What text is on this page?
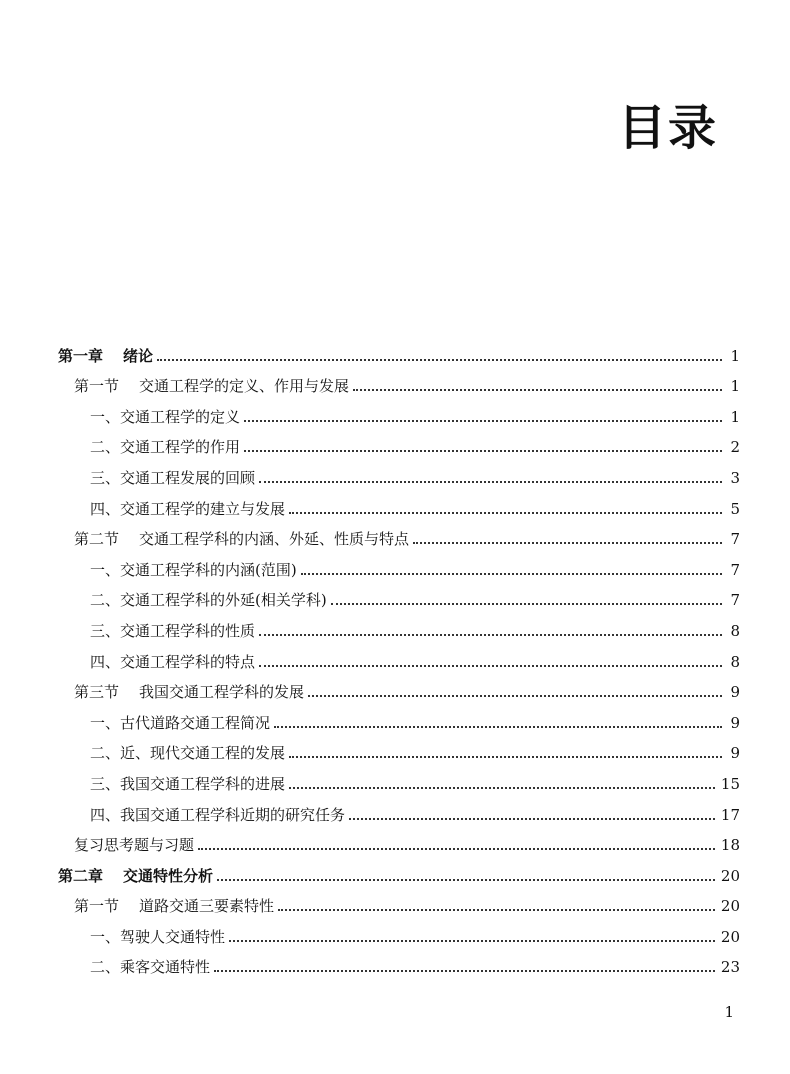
目录
第一章 绪论	1
第一节 交通工程学的定义、作用与发展	1
一、交通工程学的定义	1
二、交通工程学的作用	2
三、交通工程发展的回顾	3
四、交通工程学的建立与发展	5
第二节 交通工程学科的内涵、外延、性质与特点	7
一、交通工程学科的内涵(范围)	7
二、交通工程学科的外延(相关学科)	7
三、交通工程学科的性质	8
四、交通工程学科的特点	8
第三节 我国交通工程学科的发展	9
一、古代道路交通工程简况	9
二、近、现代交通工程的发展	9
三、我国交通工程学科的进展	15
四、我国交通工程学科近期的研究任务	17
复习思考题与习题	18
第二章 交通特性分析	20
第一节 道路交通三要素特性	20
一、驾驶人交通特性	20
二、乘客交通特性	23
1
